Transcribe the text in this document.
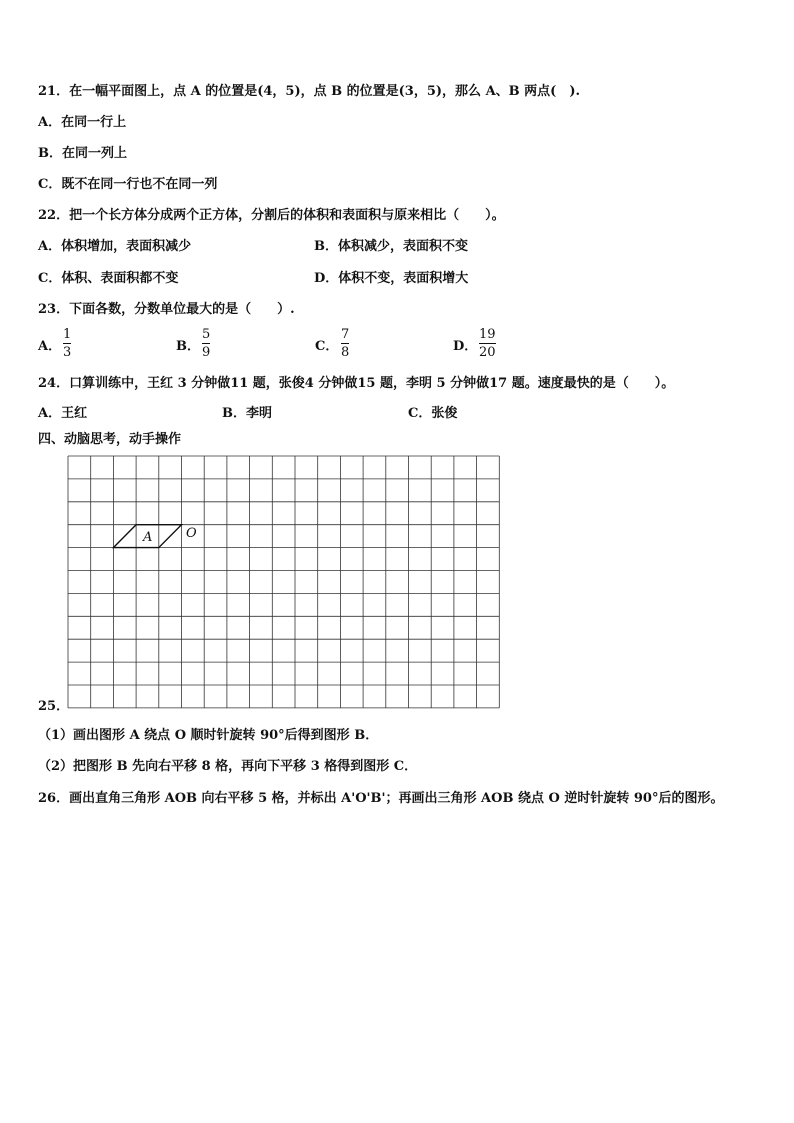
21．在一幅平面图上，点 A 的位置是(4，5)，点 B 的位置是(3，5)，那么 A、B 两点(　).
A．在同一行上
B．在同一列上
C．既不在同一行也不在同一列
22．把一个长方体分成两个正方体，分割后的体积和表面积与原来相比（　　）。
A．体积增加，表面积减少	B．体积减少，表面积不变
C．体积、表面积都不变	D．体积不变，表面积增大
23．下面各数，分数单位最大的是（　　）.
A．
1
3	B．
5
9	C．
7
8	D．
19
20
24．口算训练中，王红 3 分钟做11 题，张俊4 分钟做15 题，李明 5 分钟做17 题。速度最快的是（　　）。
A．王红	B．李明	C．张俊
四、动脑思考，动手操作
A	O
25．
（1）画出图形 A 绕点 O 顺时针旋转 90°后得到图形 B．
（2）把图形 B 先向右平移 8 格，再向下平移 3 格得到图形 C．
26．画出直角三角形 AOB 向右平移 5 格，并标出 A'O'B'；再画出三角形 AOB 绕点 O 逆时针旋转 90°后的图形。
